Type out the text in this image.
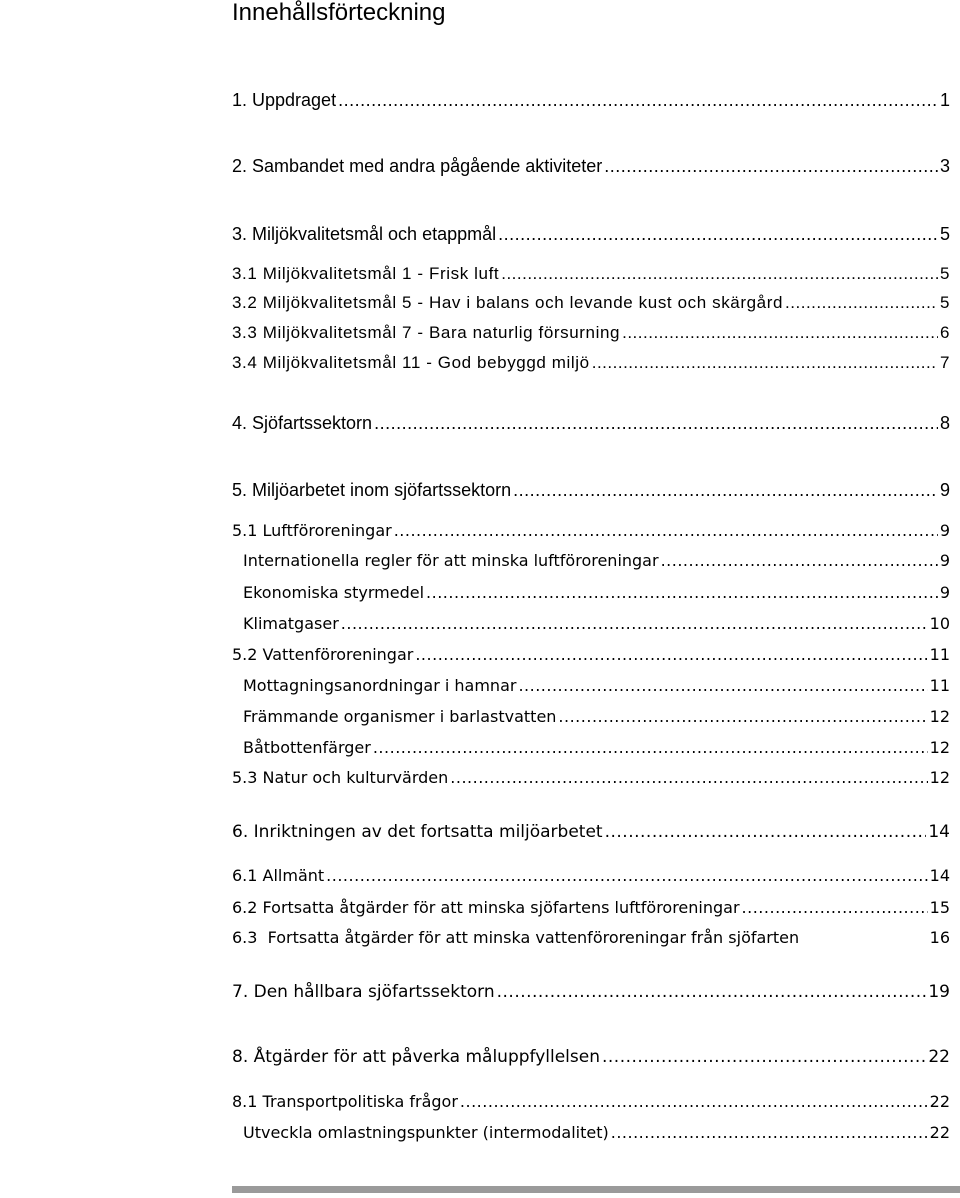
Innehållsförteckning
1. Uppdraget .....	1
2. Sambandet med andra pågående aktiviteter .....	3
3. Miljökvalitetsmål och etappmål .....	5
3.1 Miljökvalitetsmål 1 - Frisk luft .....	5
3.2 Miljökvalitetsmål 5 - Hav i balans och levande kust och skärgård .....	5
3.3 Miljökvalitetsmål 7 - Bara naturlig försurning .....	6
3.4 Miljökvalitetsmål 11 - God bebyggd miljö .....	7
4. Sjöfartssektorn .....	8
5. Miljöarbetet inom sjöfartssektorn .....	9
5.1 Luftföroreningar .....	9
Internationella regler för att minska luftföroreningar .....	9
Ekonomiska styrmedel .....	9
Klimatgaser .....	10
5.2 Vattenföroreningar .....	11
Mottagningsanordningar i hamnar .....	11
Främmande organismer i barlastvatten .....	12
Båtbottenfärger .....	12
5.3 Natur och kulturvärden .....	12
6. Inriktningen av det fortsatta miljöarbetet .....	14
6.1 Allmänt .....	14
6.2 Fortsatta åtgärder för att minska sjöfartens luftföroreningar .....	15
6.3  Fortsatta åtgärder för att minska vattenföroreningar från sjöfarten	16
7. Den hållbara sjöfartssektorn .....	19
8. Åtgärder för att påverka måluppfyllelsen .....	22
8.1 Transportpolitiska frågor .....	22
Utveckla omlastningspunkter (intermodalitet) .....	22
